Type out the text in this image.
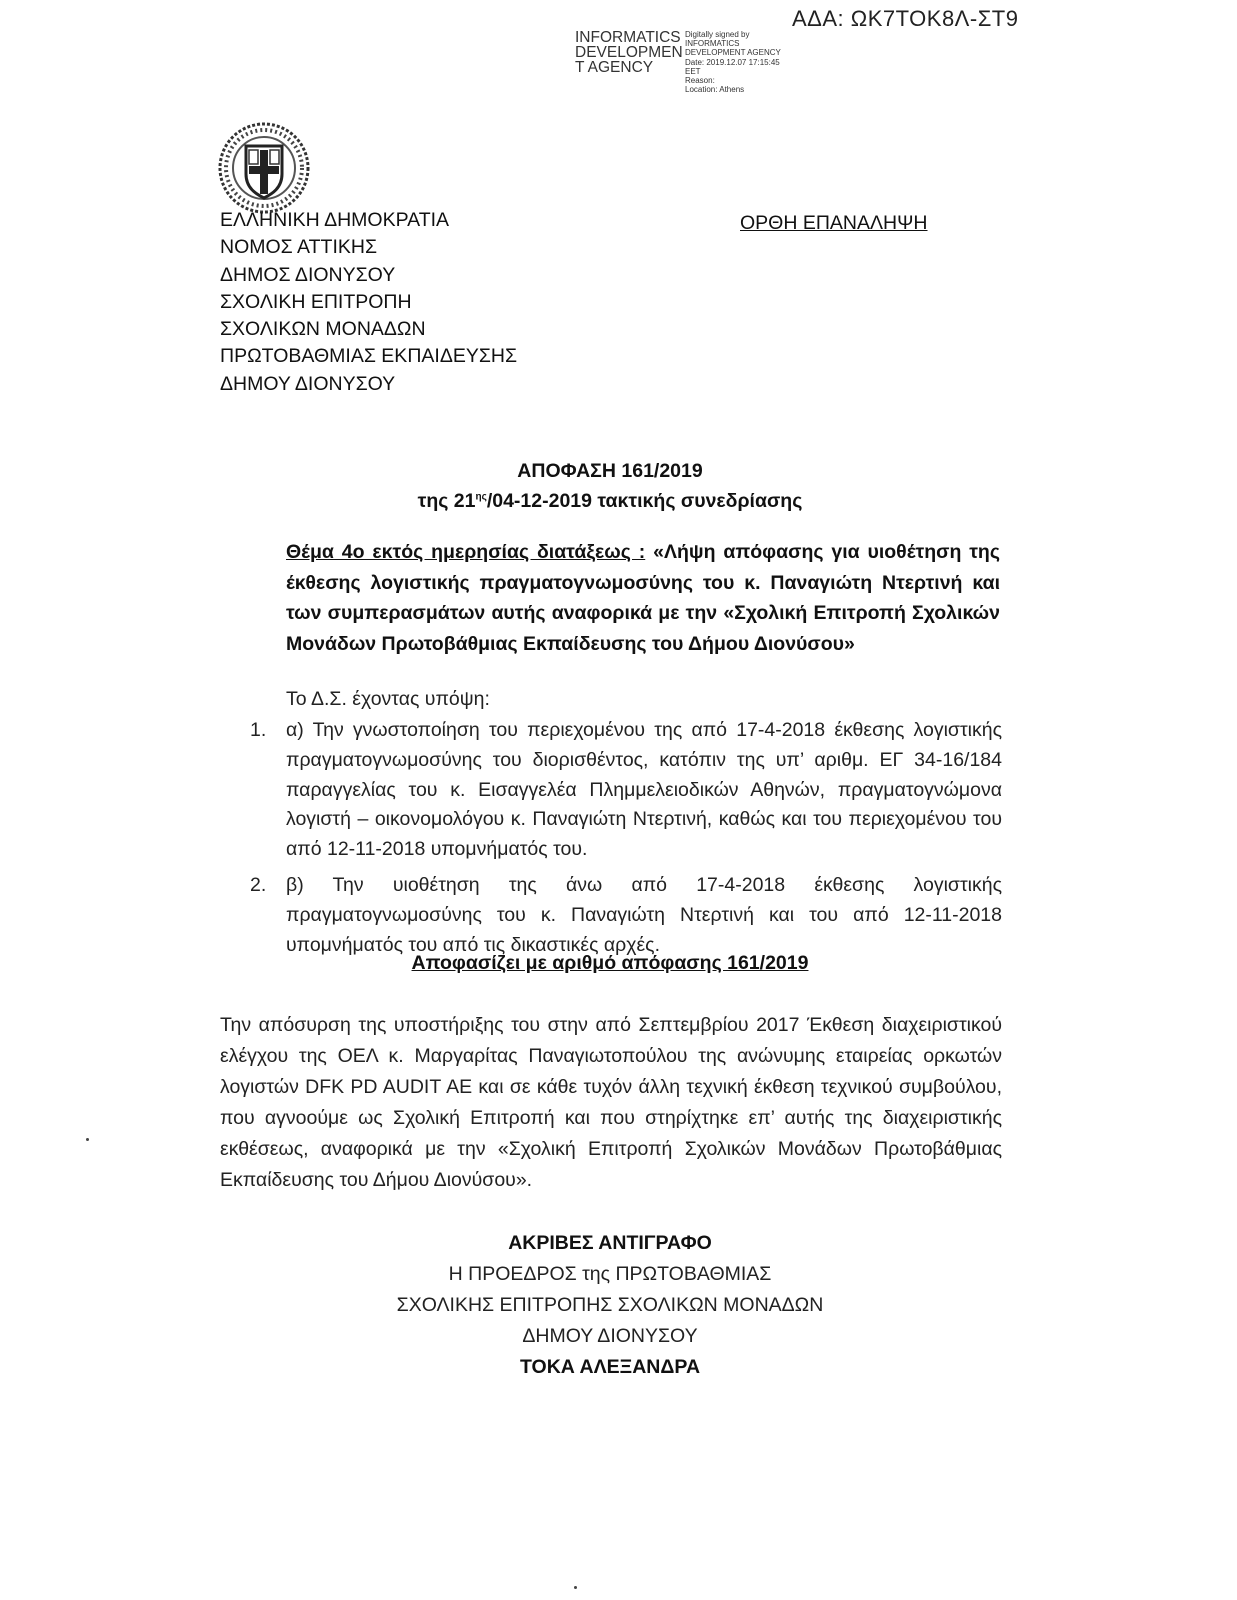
ΑΔΑ: ΩΚ7ΤΟΚ8Λ-ΣΤ9
INFORMATICS
DEVELOPMEN
T AGENCY
Digitally signed by
INFORMATICS
DEVELOPMENT AGENCY
Date: 2019.12.07 17:15:45
EET
Reason:
Location: Athens
ΕΛΛΗΝΙΚΗ ΔΗΜΟΚΡΑΤΙΑ
ΝΟΜΟΣ ΑΤΤΙΚΗΣ
ΔΗΜΟΣ ΔΙΟΝΥΣΟΥ
ΣΧΟΛΙΚΗ ΕΠΙΤΡΟΠΗ
ΣΧΟΛΙΚΩΝ ΜΟΝΑΔΩΝ
ΠΡΩΤΟΒΑΘΜΙΑΣ ΕΚΠΑΙΔΕΥΣΗΣ
ΔΗΜΟΥ ΔΙΟΝΥΣΟΥ
ΟΡΘΗ ΕΠΑΝΑΛΗΨΗ
ΑΠΟΦΑΣΗ 161/2019
της $21^{\eta\varsigma}/04-12-2019$ τακτικής συνεδρίασης
Θέμα 4ο εκτός ημερησίας διατάξεως : «Λήψη απόφασης για υιοθέτηση της έκθεσης λογιστικής πραγματογνωμοσύνης του κ. Παναγιώτη Ντερτινή και των συμπερασμάτων αυτής αναφορικά με την «Σχολική Επιτροπή Σχολικών Μονάδων Πρωτοβάθμιας Εκπαίδευσης του Δήμου Διονύσου»
Το Δ.Σ. έχοντας υπόψη:
1.	α) Την γνωστοποίηση του περιεχομένου της από 17-4-2018 έκθεσης λογιστικής πραγματογνωμοσύνης του διορισθέντος, κατόπιν της υπ’ αριθμ. ΕΓ 34-16/184 παραγγελίας του κ. Εισαγγελέα Πλημμελειοδικών Αθηνών, πραγματογνώμονα λογιστή – οικονομολόγου κ. Παναγιώτη Ντερτινή, καθώς και του περιεχομένου του από 12-11-2018 υπομνήματός του.
2.	β) Την υιοθέτηση της άνω από 17-4-2018 έκθεσης λογιστικής πραγματογνωμοσύνης του κ. Παναγιώτη Ντερτινή και του από 12-11-2018 υπομνήματός του από τις δικαστικές αρχές.
Αποφασίζει με αριθμό απόφασης 161/2019
Την απόσυρση της υποστήριξης του στην από Σεπτεμβρίου 2017 Έκθεση διαχειριστικού ελέγχου της ΟΕΛ κ. Μαργαρίτας Παναγιωτοπούλου της ανώνυμης εταιρείας ορκωτών λογιστών DFK PD AUDIT AE και σε κάθε τυχόν άλλη τεχνική έκθεση τεχνικού συμβούλου, που αγνοούμε ως Σχολική Επιτροπή και που στηρίχτηκε επ’ αυτής της διαχειριστικής εκθέσεως, αναφορικά με την «Σχολική Επιτροπή Σχολικών Μονάδων Πρωτοβάθμιας Εκπαίδευσης του Δήμου Διονύσου».
ΑΚΡΙΒΕΣ ΑΝΤΙΓΡΑΦΟ
Η ΠΡΟΕΔΡΟΣ της ΠΡΩΤΟΒΑΘΜΙΑΣ
ΣΧΟΛΙΚΗΣ ΕΠΙΤΡΟΠΗΣ ΣΧΟΛΙΚΩΝ ΜΟΝΑΔΩΝ
ΔΗΜΟΥ ΔΙΟΝΥΣΟΥ
ΤΟΚΑ ΑΛΕΞΑΝΔΡΑ
